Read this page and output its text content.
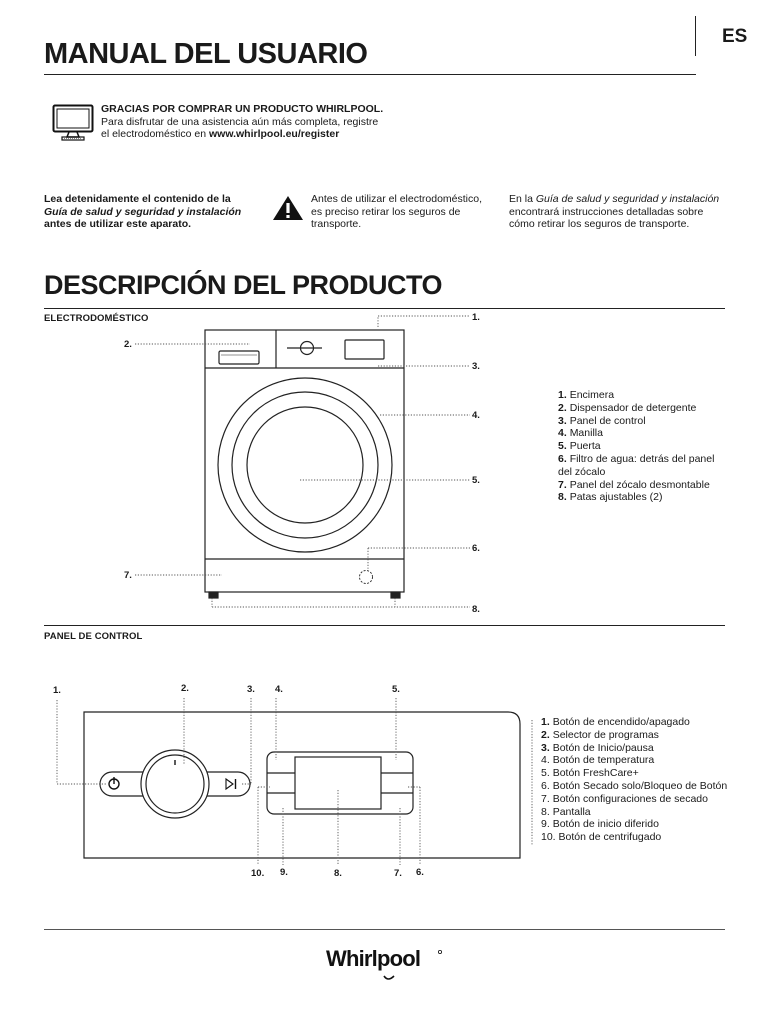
ES
MANUAL DEL USUARIO
GRACIAS POR COMPRAR UN PRODUCTO WHIRLPOOL.
Para disfrutar de una asistencia aún más completa, registre
el electrodoméstico en www.whirlpool.eu/register
Lea detenidamente el contenido de la
Guía de salud y seguridad y instalación
antes de utilizar este aparato.
Antes de utilizar el electrodoméstico,
es preciso retirar los seguros de
transporte.
En la Guía de salud y seguridad y instalación
encontrará instrucciones detalladas sobre
cómo retirar los seguros de transporte.
DESCRIPCIÓN DEL PRODUCTO
ELECTRODOMÉSTICO	1.
2.
3.
4.
5.
6.
7.
8.
1. Encimera
2. Dispensador de detergente
3. Panel de control
4. Manilla
5. Puerta
6. Filtro de agua: detrás del panel
del zócalo
7. Panel del zócalo desmontable
8. Patas ajustables (2)
PANEL DE CONTROL
1.	2.	3. 4.	5.
10. 9.	8.	7. 6.
1. Botón de encendido/apagado
2. Selector de programas
3. Botón de Inicio/pausa
4. Botón de temperatura
5. Botón FreshCare+
6. Botón Secado solo/Bloqueo de Botón
7. Botón configuraciones de secado
8. Pantalla
9. Botón de inicio diferido
10. Botón de centrifugado
Whirlpool
